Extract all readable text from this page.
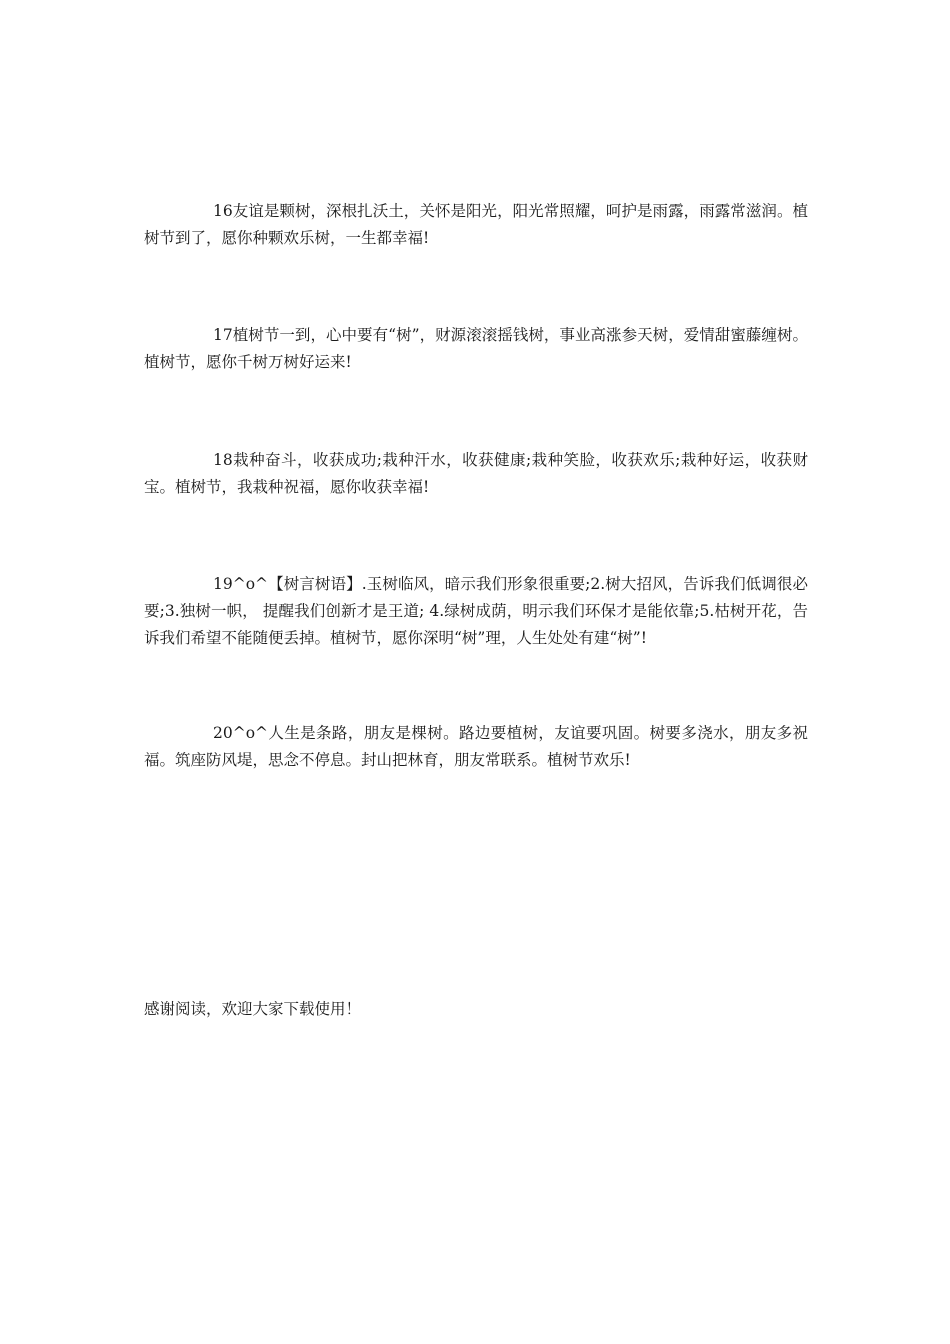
16友谊是颗树，深根扎沃土，关怀是阳光，阳光常照耀，呵护是雨露，雨露常滋润。植树节到了，愿你种颗欢乐树，一生都幸福!

17植树节一到，心中要有“树”，财源滚滚摇钱树，事业高涨参天树，爱情甜蜜藤缠树。植树节，愿你千树万树好运来!

18栽种奋斗，收获成功;栽种汗水，收获健康;栽种笑脸，收获欢乐;栽种好运，收获财宝。植树节，我栽种祝福，愿你收获幸福!

19^o^【树言树语】.玉树临风，暗示我们形象很重要;2.树大招风，告诉我们低调很必要;3.独树一帜， 提醒我们创新才是王道; 4.绿树成荫，明示我们环保才是能依靠;5.枯树开花，告诉我们希望不能随便丢掉。植树节，愿你深明“树”理，人生处处有建“树”!

20^o^人生是条路，朋友是棵树。路边要植树，友谊要巩固。树要多浇水，朋友多祝福。筑座防风堤，思念不停息。封山把林育，朋友常联系。植树节欢乐!

感谢阅读，欢迎大家下载使用！
